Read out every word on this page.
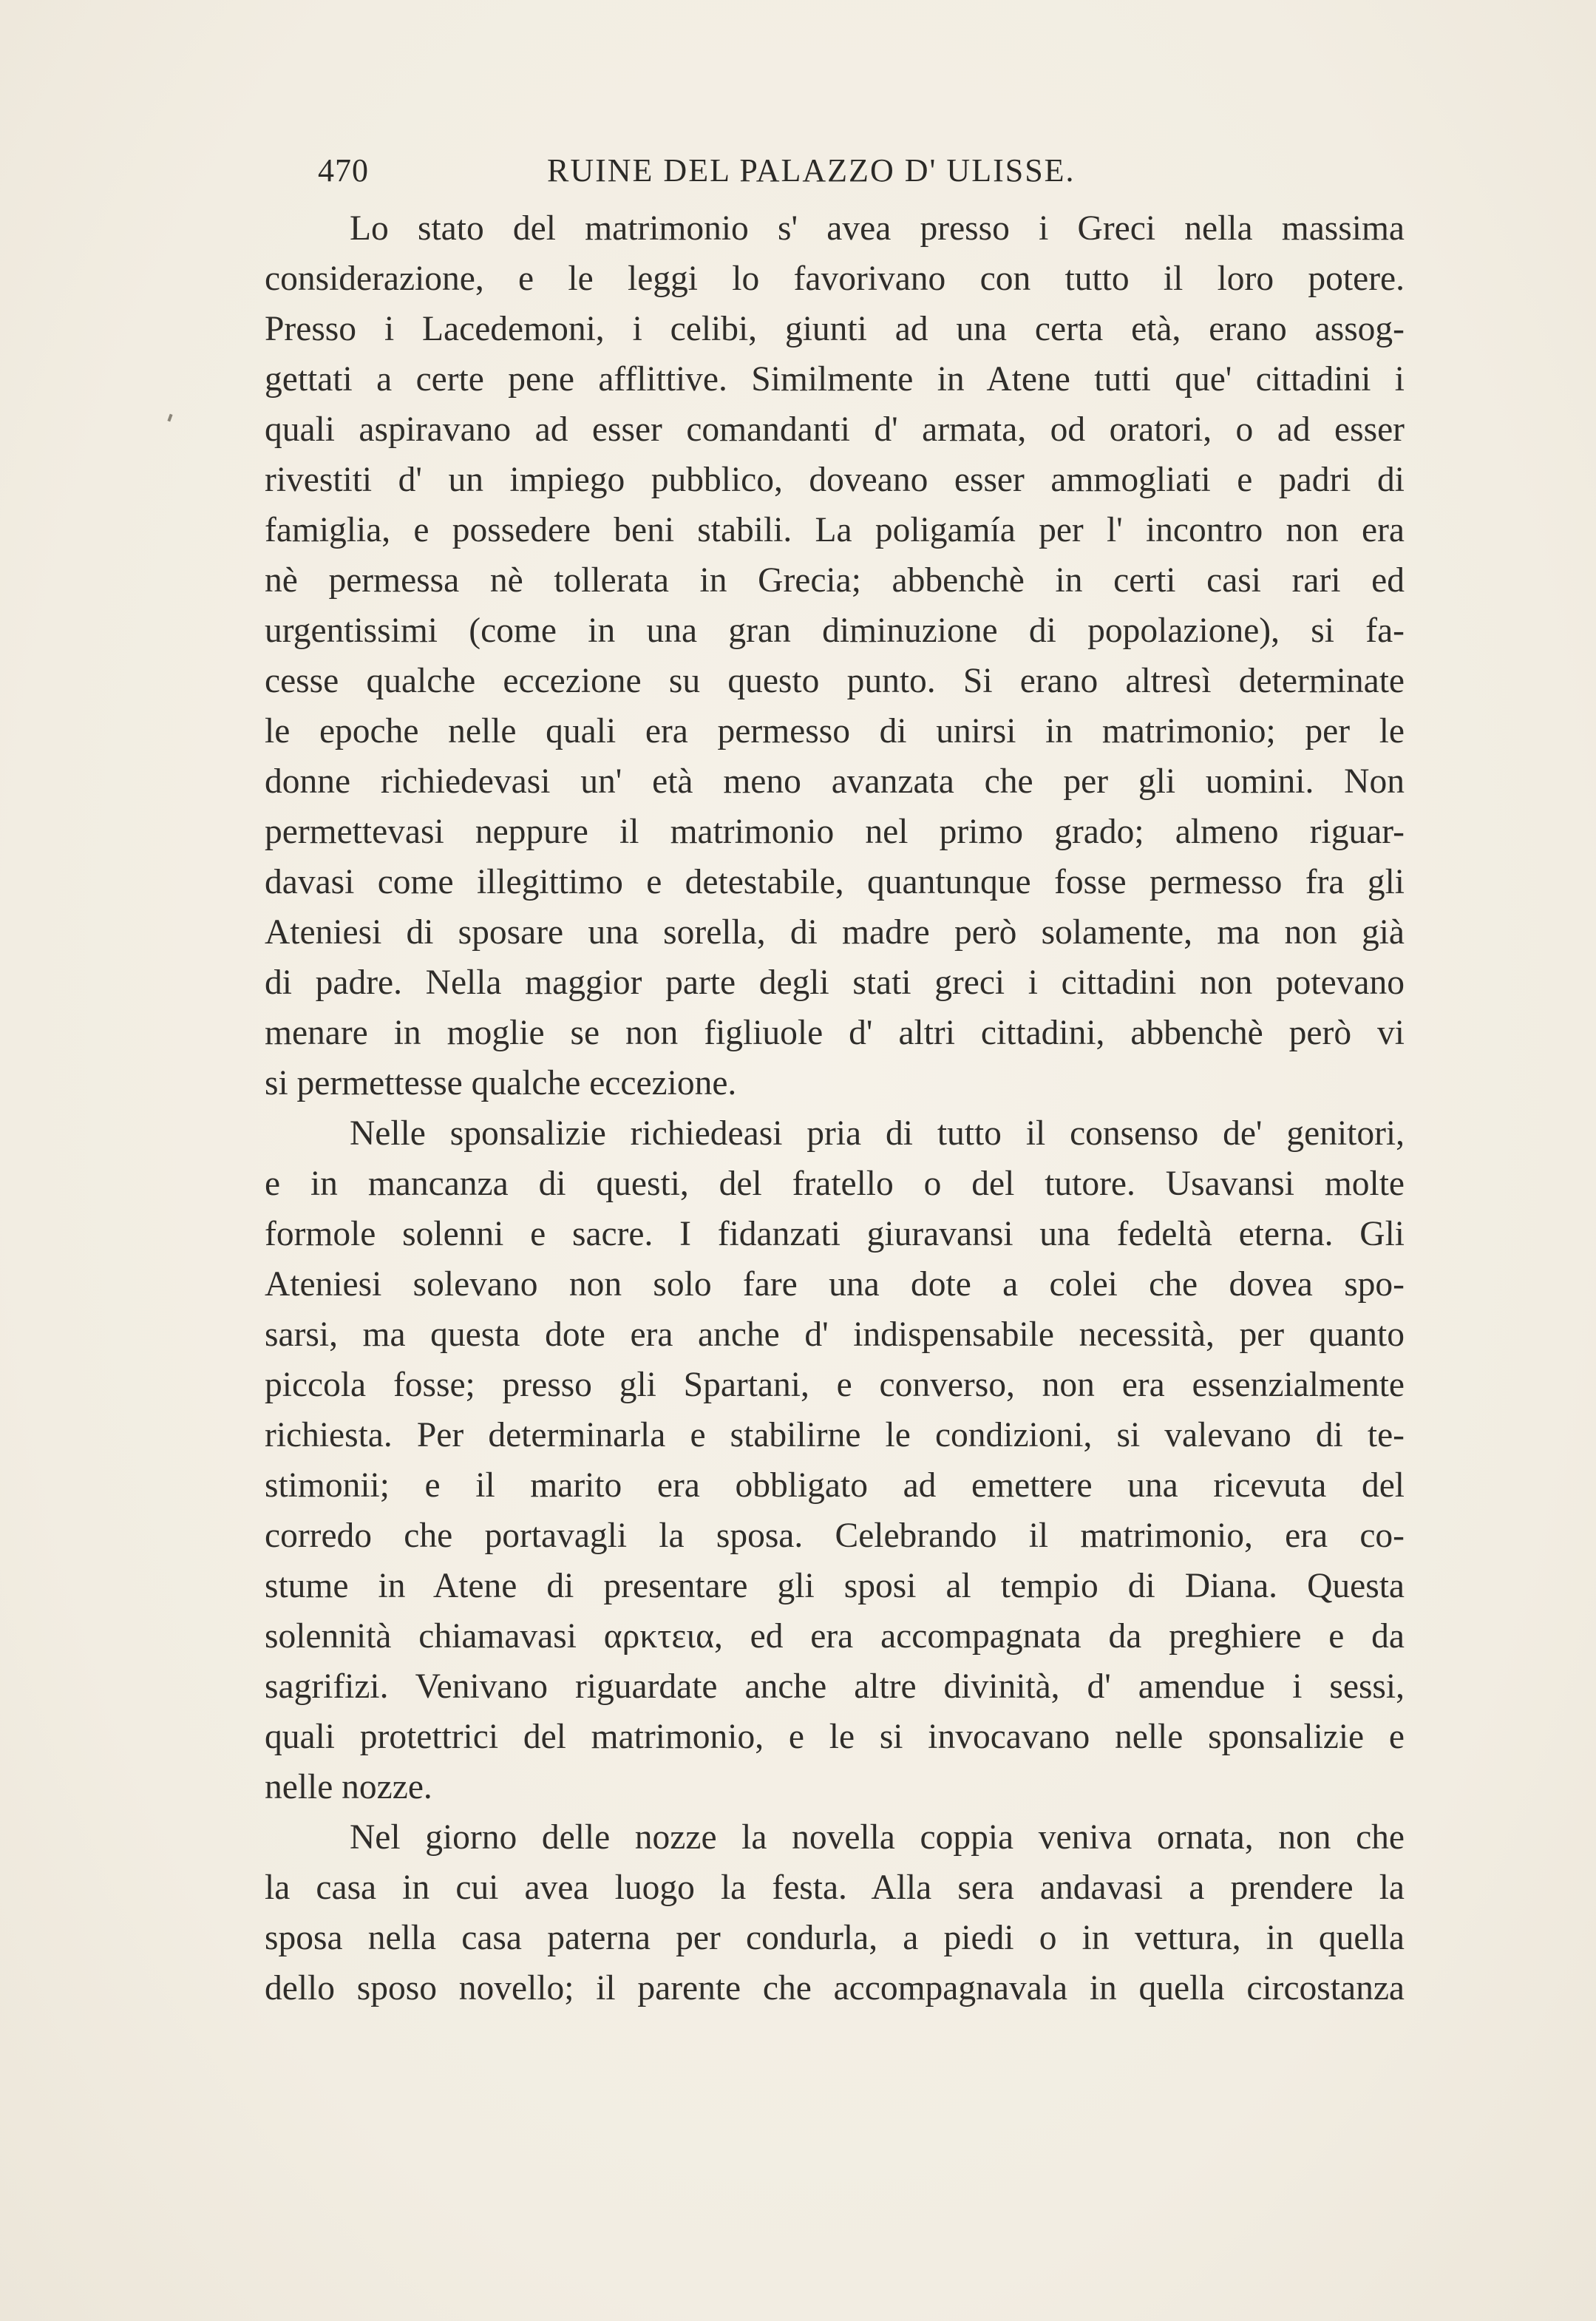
470	RUINE DEL PALAZZO D' ULISSE.
Lo stato del matrimonio s' avea presso i Greci nella massima
considerazione, e le leggi lo favorivano con tutto il loro potere.
Presso i Lacedemoni, i celibi, giunti ad una certa età, erano assog-
gettati a certe pene afflittive. Similmente in Atene tutti que' cittadini i
quali aspiravano ad esser comandanti d' armata, od oratori, o ad esser
rivestiti d' un impiego pubblico, doveano esser ammogliati e padri di
famiglia, e possedere beni stabili. La poligamía per l' incontro non era
nè permessa nè tollerata in Grecia; abbenchè in certi casi rari ed
urgentissimi (come in una gran diminuzione di popolazione), si fa-
cesse qualche eccezione su questo punto. Si erano altresì determinate
le epoche nelle quali era permesso di unirsi in matrimonio; per le
donne richiedevasi un' età meno avanzata che per gli uomini. Non
permettevasi neppure il matrimonio nel primo grado; almeno riguar-
davasi come illegittimo e detestabile, quantunque fosse permesso fra gli
Ateniesi di sposare una sorella, di madre però solamente, ma non già
di padre. Nella maggior parte degli stati greci i cittadini non potevano
menare in moglie se non figliuole d' altri cittadini, abbenchè però vi
si permettesse qualche eccezione.
Nelle sponsalizie richiedeasi pria di tutto il consenso de' genitori,
e in mancanza di questi, del fratello o del tutore. Usavansi molte
formole solenni e sacre. I fidanzati giuravansi una fedeltà eterna. Gli
Ateniesi solevano non solo fare una dote a colei che dovea spo-
sarsi, ma questa dote era anche d' indispensabile necessità, per quanto
piccola fosse; presso gli Spartani, e converso, non era essenzialmente
richiesta. Per determinarla e stabilirne le condizioni, si valevano di te-
stimonii; e il marito era obbligato ad emettere una ricevuta del
corredo che portavagli la sposa. Celebrando il matrimonio, era co-
stume in Atene di presentare gli sposi al tempio di Diana. Questa
solennità chiamavasi αρκτεια, ed era accompagnata da preghiere e da
sagrifizi. Venivano riguardate anche altre divinità, d' amendue i sessi,
quali protettrici del matrimonio, e le si invocavano nelle sponsalizie e
nelle nozze.
Nel giorno delle nozze la novella coppia veniva ornata, non che
la casa in cui avea luogo la festa. Alla sera andavasi a prendere la
sposa nella casa paterna per condurla, a piedi o in vettura, in quella
dello sposo novello; il parente che accompagnavala in quella circostanza
